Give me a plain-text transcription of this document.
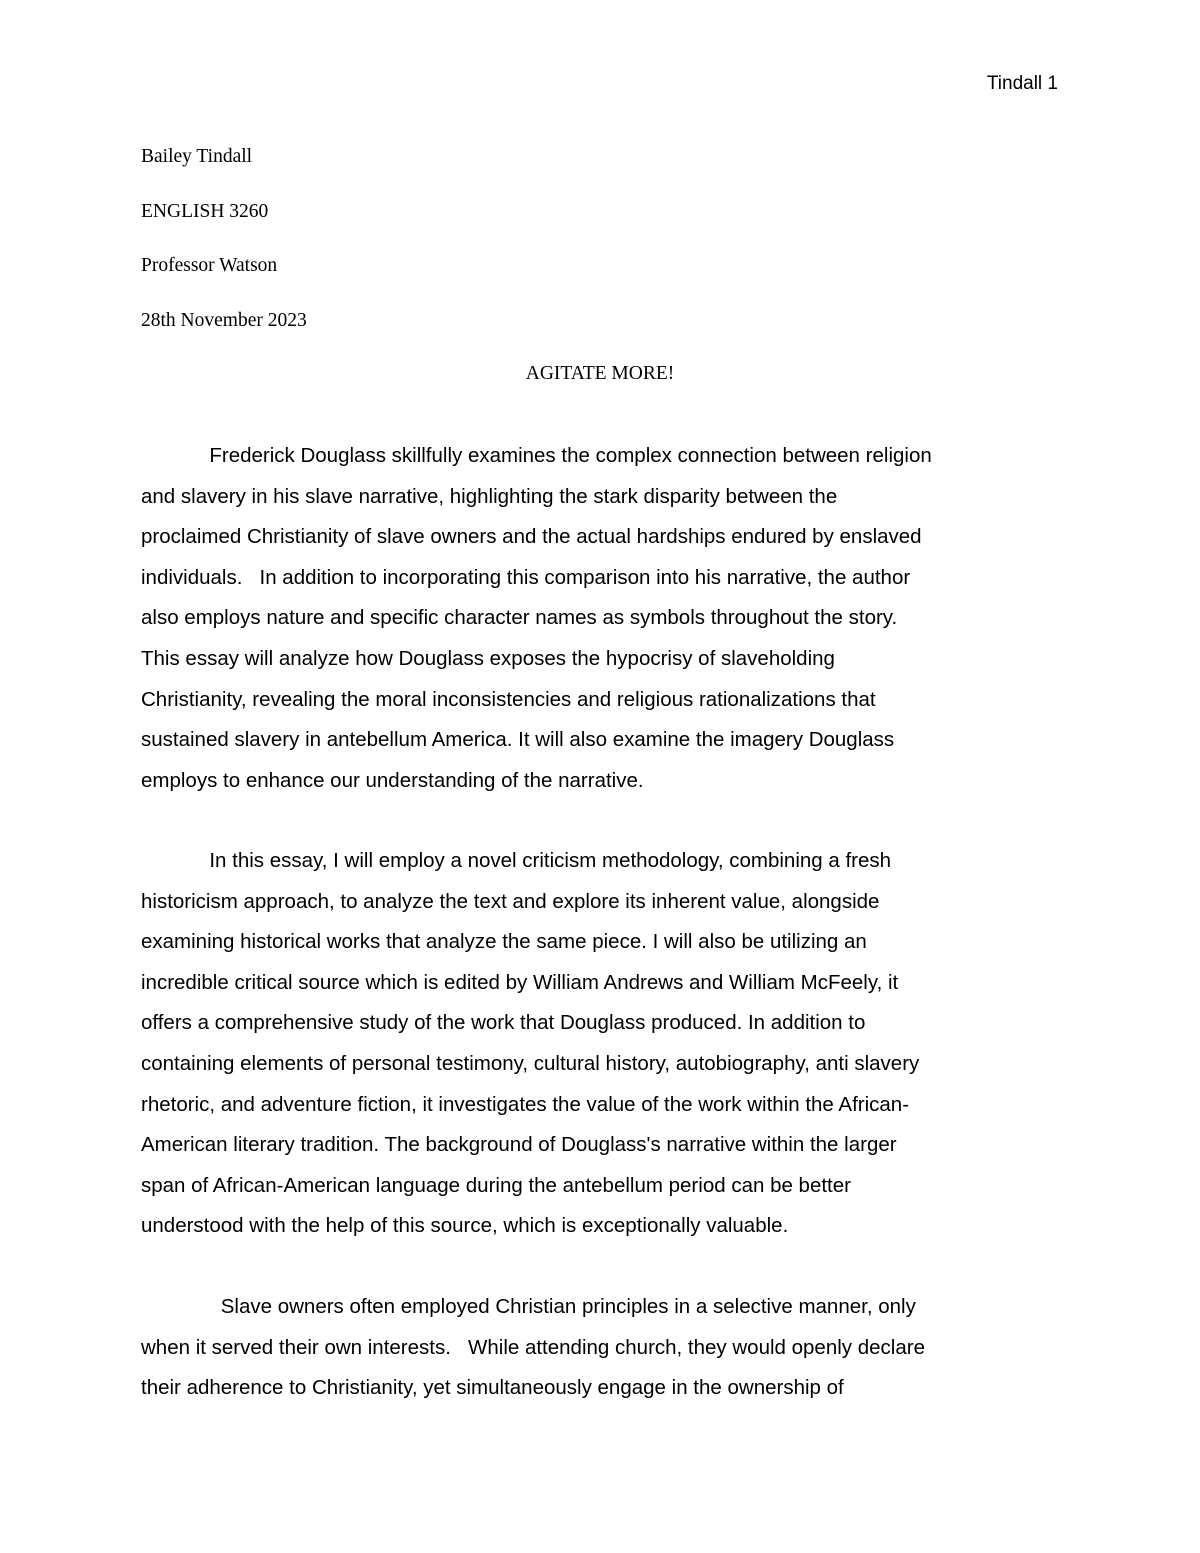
Tindall 1
Bailey Tindall
ENGLISH 3260
Professor Watson
28th November 2023
AGITATE MORE!
Frederick Douglass skillfully examines the complex connection between religion
and slavery in his slave narrative, highlighting the stark disparity between the
proclaimed Christianity of slave owners and the actual hardships endured by enslaved
individuals.   In addition to incorporating this comparison into his narrative, the author
also employs nature and specific character names as symbols throughout the story.
This essay will analyze how Douglass exposes the hypocrisy of slaveholding
Christianity, revealing the moral inconsistencies and religious rationalizations that
sustained slavery in antebellum America. It will also examine the imagery Douglass
employs to enhance our understanding of the narrative.
In this essay, I will employ a novel criticism methodology, combining a fresh
historicism approach, to analyze the text and explore its inherent value, alongside
examining historical works that analyze the same piece. I will also be utilizing an
incredible critical source which is edited by William Andrews and William McFeely, it
offers a comprehensive study of the work that Douglass produced. In addition to
containing elements of personal testimony, cultural history, autobiography, anti slavery
rhetoric, and adventure fiction, it investigates the value of the work within the African-
American literary tradition. The background of Douglass's narrative within the larger
span of African-American language during the antebellum period can be better
understood with the help of this source, which is exceptionally valuable.
Slave owners often employed Christian principles in a selective manner, only
when it served their own interests.   While attending church, they would openly declare
their adherence to Christianity, yet simultaneously engage in the ownership of
